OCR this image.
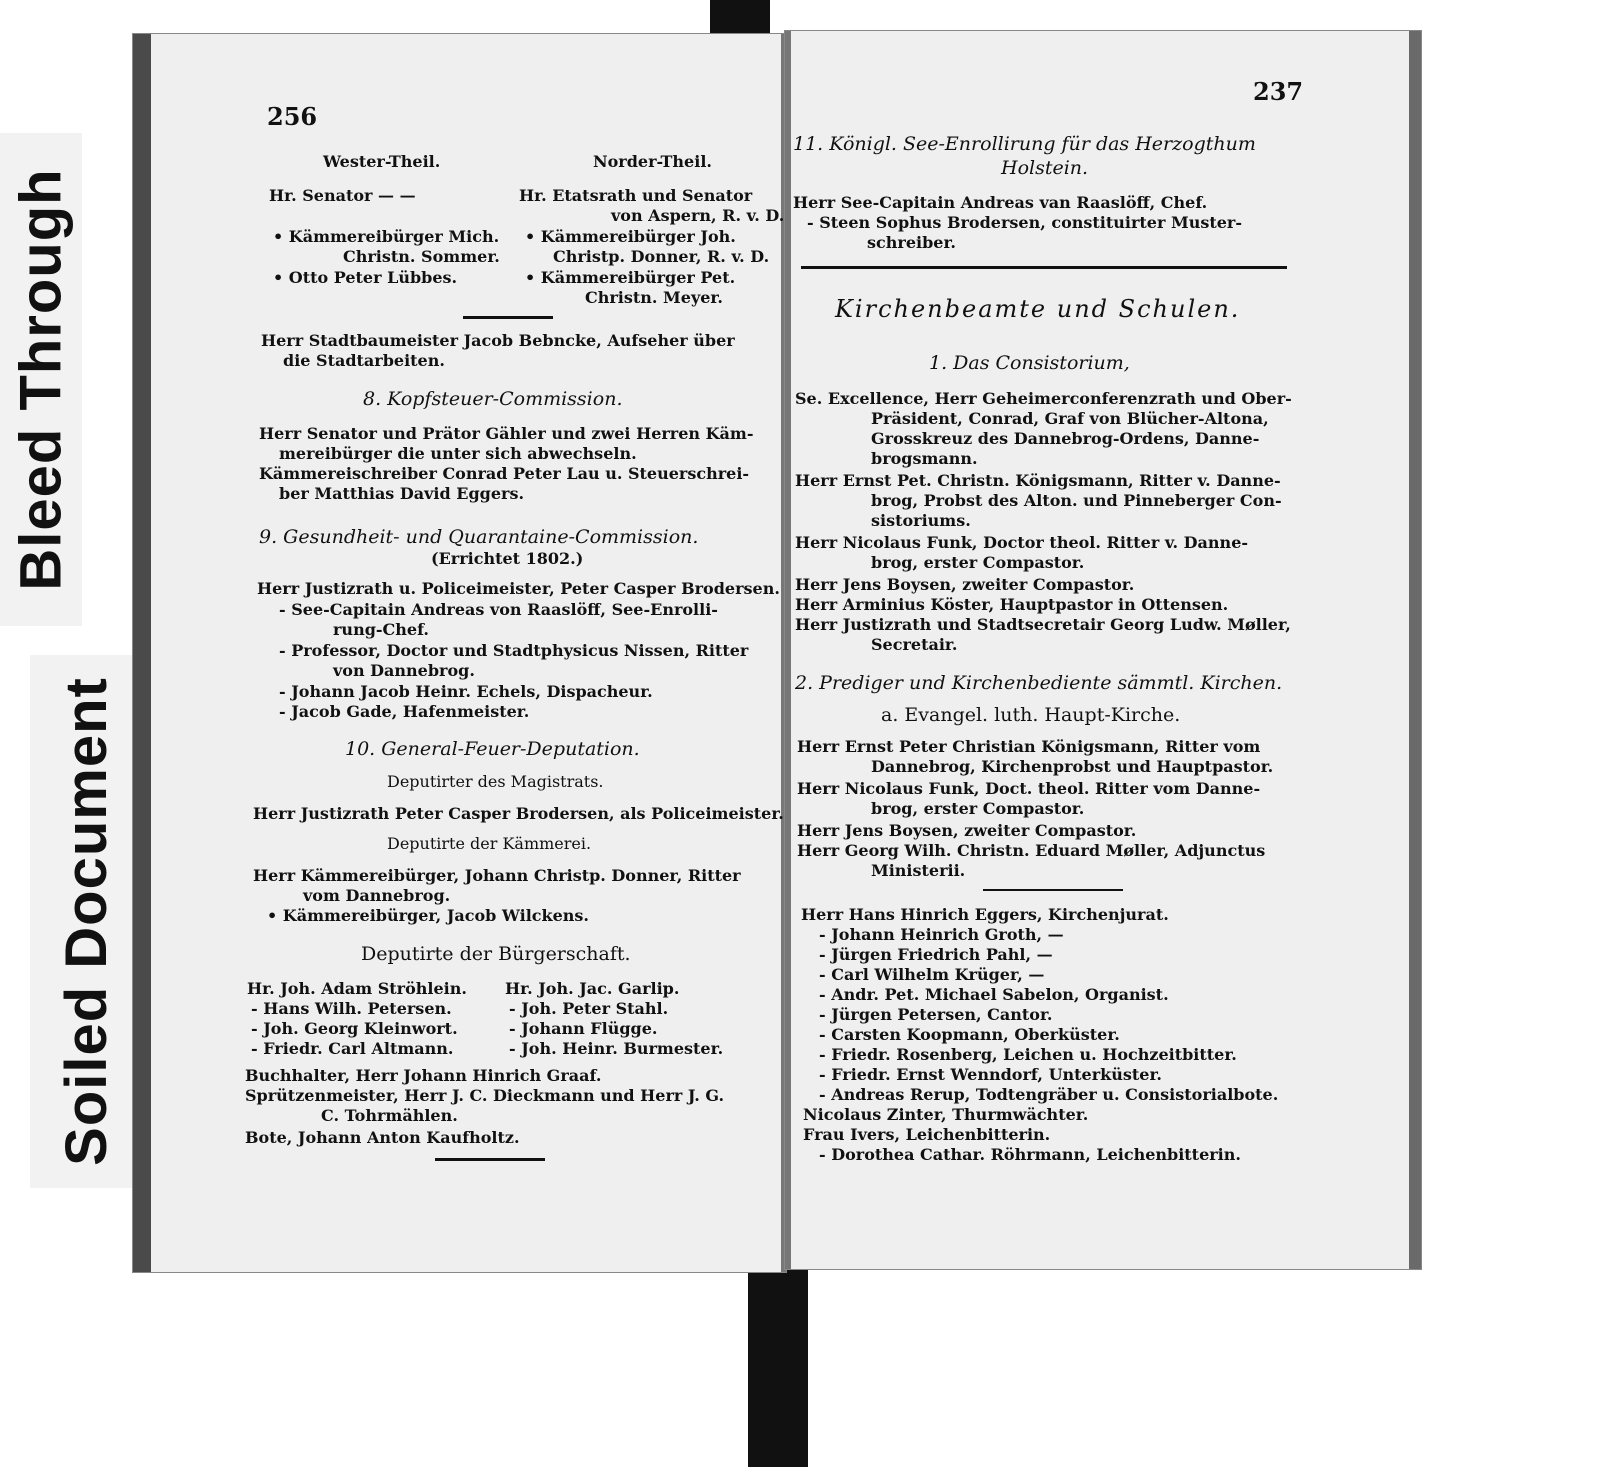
Bleed Through
Soiled Document
256
Wester-Theil.	Norder-Theil.
Hr. Senator — —
• Kämmereibürger Mich.
Christn. Sommer.
• Otto Peter Lübbes.
Hr. Etatsrath und Senator
von Aspern, R. v. D.
• Kämmereibürger Joh.
Christp. Donner, R. v. D.
• Kämmereibürger Pet.
Christn. Meyer.
Herr Stadtbaumeister Jacob Bebncke, Aufseher über
die Stadtarbeiten.
8. Kopfsteuer-Commission.
Herr Senator und Prätor Gähler und zwei Herren Käm-
mereibürger die unter sich abwechseln.
Kämmereischreiber Conrad Peter Lau u. Steuerschrei-
ber Matthias David Eggers.
9. Gesundheit- und Quarantaine-Commission.
(Errichtet 1802.)
Herr Justizrath u. Policeimeister, Peter Casper Brodersen.
- See-Capitain Andreas von Raaslöff, See-Enrolli-
rung-Chef.
- Professor, Doctor und Stadtphysicus Nissen, Ritter
von Dannebrog.
- Johann Jacob Heinr. Echels, Dispacheur.
- Jacob Gade, Hafenmeister.
10. General-Feuer-Deputation.
Deputirter des Magistrats.
Herr Justizrath Peter Casper Brodersen, als Policeimeister.
Deputirte der Kämmerei.
Herr Kämmereibürger, Johann Christp. Donner, Ritter
vom Dannebrog.
• Kämmereibürger, Jacob Wilckens.
Deputirte der Bürgerschaft.
Hr. Joh. Adam Ströhlein.
- Hans Wilh. Petersen.
- Joh. Georg Kleinwort.
- Friedr. Carl Altmann.
Hr. Joh. Jac. Garlip.
- Joh. Peter Stahl.
- Johann Flügge.
- Joh. Heinr. Burmester.
Buchhalter, Herr Johann Hinrich Graaf.
Sprützenmeister, Herr J. C. Dieckmann und Herr J. G.
C. Tohrmählen.
Bote, Johann Anton Kaufholtz.
237
11. Königl. See-Enrollirung für das Herzogthum
Holstein.
Herr See-Capitain Andreas van Raaslöff, Chef.
- Steen Sophus Brodersen, constituirter Muster-
schreiber.
Kirchenbeamte und Schulen.
1. Das Consistorium,
Se. Excellence, Herr Geheimerconferenzrath und Ober-
Präsident, Conrad, Graf von Blücher-Altona,
Grosskreuz des Dannebrog-Ordens, Danne-
brogsmann.
Herr Ernst Pet. Christn. Königsmann, Ritter v. Danne-
brog, Probst des Alton. und Pinneberger Con-
sistoriums.
Herr Nicolaus Funk, Doctor theol. Ritter v. Danne-
brog, erster Compastor.
Herr Jens Boysen, zweiter Compastor.
Herr Arminius Köster, Hauptpastor in Ottensen.
Herr Justizrath und Stadtsecretair Georg Ludw. Møller,
Secretair.
2. Prediger und Kirchenbediente sämmtl. Kirchen.
a. Evangel. luth. Haupt-Kirche.
Herr Ernst Peter Christian Königsmann, Ritter vom
Dannebrog, Kirchenprobst und Hauptpastor.
Herr Nicolaus Funk, Doct. theol. Ritter vom Danne-
brog, erster Compastor.
Herr Jens Boysen, zweiter Compastor.
Herr Georg Wilh. Christn. Eduard Møller, Adjunctus
Ministerii.
Herr Hans Hinrich Eggers, Kirchenjurat.
- Johann Heinrich Groth, —
- Jürgen Friedrich Pahl, —
- Carl Wilhelm Krüger, —
- Andr. Pet. Michael Sabelon, Organist.
- Jürgen Petersen, Cantor.
- Carsten Koopmann, Oberküster.
- Friedr. Rosenberg, Leichen u. Hochzeitbitter.
- Friedr. Ernst Wenndorf, Unterküster.
- Andreas Rerup, Todtengräber u. Consistorialbote.
Nicolaus Zinter, Thurmwächter.
Frau Ivers, Leichenbitterin.
- Dorothea Cathar. Röhrmann, Leichenbitterin.
